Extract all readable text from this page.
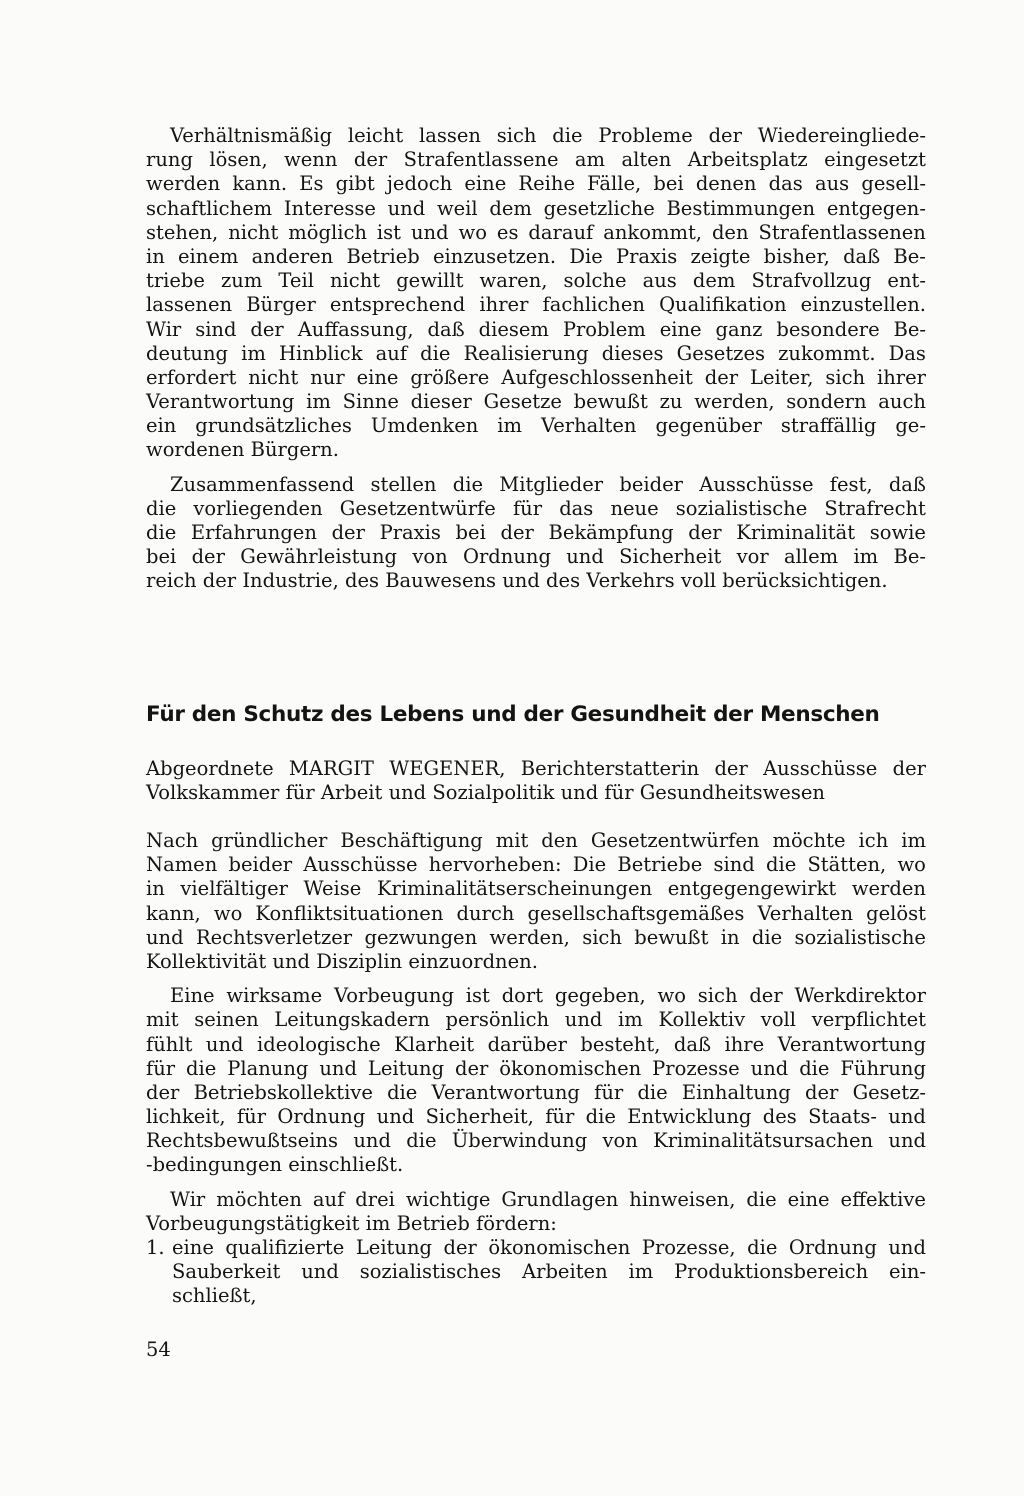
Verhältnismäßig leicht lassen sich die Probleme der Wiedereingliede-
rung lösen, wenn der Strafentlassene am alten Arbeitsplatz eingesetzt
werden kann. Es gibt jedoch eine Reihe Fälle, bei denen das aus gesell-
schaftlichem Interesse und weil dem gesetzliche Bestimmungen entgegen-
stehen, nicht möglich ist und wo es darauf ankommt, den Strafentlassenen
in einem anderen Betrieb einzusetzen. Die Praxis zeigte bisher, daß Be-
triebe zum Teil nicht gewillt waren, solche aus dem Strafvollzug ent-
lassenen Bürger entsprechend ihrer fachlichen Qualifikation einzustellen.
Wir sind der Auffassung, daß diesem Problem eine ganz besondere Be-
deutung im Hinblick auf die Realisierung dieses Gesetzes zukommt. Das
erfordert nicht nur eine größere Aufgeschlossenheit der Leiter, sich ihrer
Verantwortung im Sinne dieser Gesetze bewußt zu werden, sondern auch
ein grundsätzliches Umdenken im Verhalten gegenüber straffällig ge-
wordenen Bürgern.
Zusammenfassend stellen die Mitglieder beider Ausschüsse fest, daß
die vorliegenden Gesetzentwürfe für das neue sozialistische Strafrecht
die Erfahrungen der Praxis bei der Bekämpfung der Kriminalität sowie
bei der Gewährleistung von Ordnung und Sicherheit vor allem im Be-
reich der Industrie, des Bauwesens und des Verkehrs voll berücksichtigen.
Für den Schutz des Lebens und der Gesundheit der Menschen
Abgeordnete MARGIT WEGENER, Berichterstatterin der Ausschüsse der
Volkskammer für Arbeit und Sozialpolitik und für Gesundheitswesen
Nach gründlicher Beschäftigung mit den Gesetzentwürfen möchte ich im
Namen beider Ausschüsse hervorheben: Die Betriebe sind die Stätten, wo
in vielfältiger Weise Kriminalitätserscheinungen entgegengewirkt werden
kann, wo Konfliktsituationen durch gesellschaftsgemäßes Verhalten gelöst
und Rechtsverletzer gezwungen werden, sich bewußt in die sozialistische
Kollektivität und Disziplin einzuordnen.
Eine wirksame Vorbeugung ist dort gegeben, wo sich der Werkdirektor
mit seinen Leitungskadern persönlich und im Kollektiv voll verpflichtet
fühlt und ideologische Klarheit darüber besteht, daß ihre Verantwortung
für die Planung und Leitung der ökonomischen Prozesse und die Führung
der Betriebskollektive die Verantwortung für die Einhaltung der Gesetz-
lichkeit, für Ordnung und Sicherheit, für die Entwicklung des Staats- und
Rechtsbewußtseins und die Überwindung von Kriminalitätsursachen und
-bedingungen einschließt.
Wir möchten auf drei wichtige Grundlagen hinweisen, die eine effektive
Vorbeugungstätigkeit im Betrieb fördern:
1. eine qualifizierte Leitung der ökonomischen Prozesse, die Ordnung und
Sauberkeit und sozialistisches Arbeiten im Produktionsbereich ein-
schließt,
54
